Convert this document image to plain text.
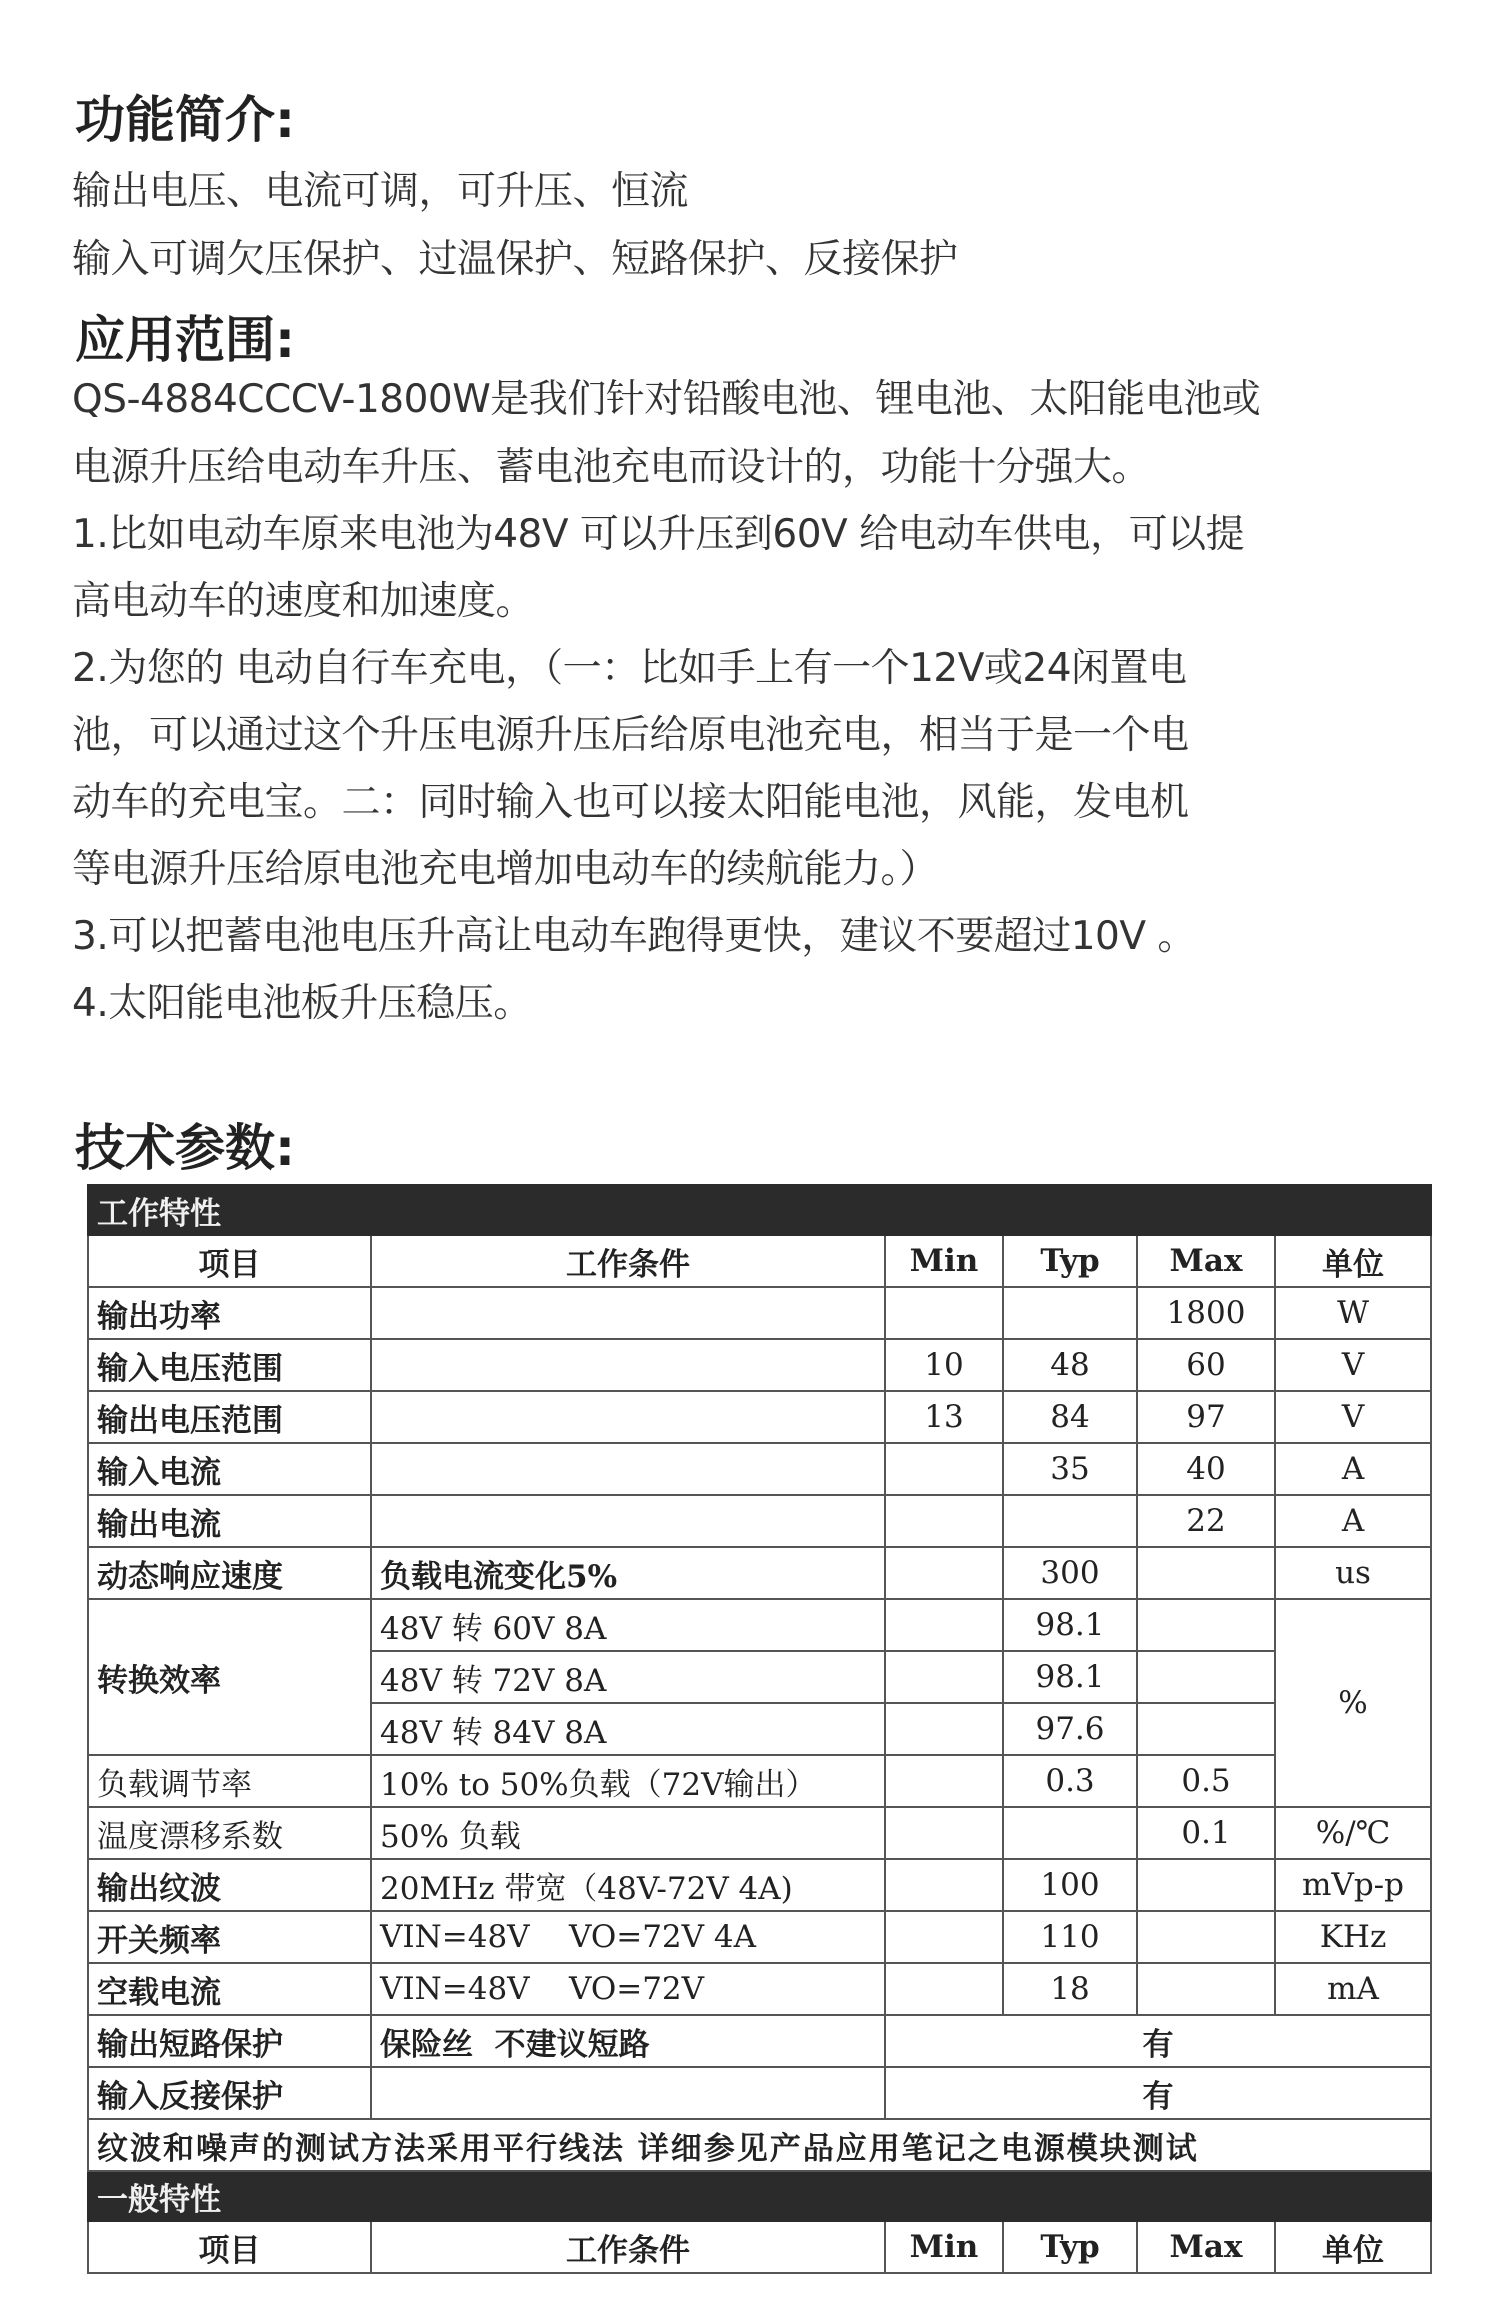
功能简介:
输出电压、电流可调，可升压、恒流
输入可调欠压保护、过温保护、短路保护、反接保护
应用范围:
QS-4884CCCV-1800W是我们针对铅酸电池、锂电池、太阳能电池或
电源升压给电动车升压、蓄电池充电而设计的，功能十分强大。
1.比如电动车原来电池为48V 可以升压到60V 给电动车供电，可以提
高电动车的速度和加速度。
2.为您的 电动自行车充电，（一：比如手上有一个12V或24闲置电
池，可以通过这个升压电源升压后给原电池充电，相当于是一个电
动车的充电宝。二：同时输入也可以接太阳能电池，风能，发电机
等电源升压给原电池充电增加电动车的续航能力。）
3.可以把蓄电池电压升高让电动车跑得更快，建议不要超过10V 。
4.太阳能电池板升压稳压。
技术参数:
工作特性					
项目	工作条件	Min	Typ	Max	单位
输出功率				1800	W
输入电压范围		10	48	60	V
输出电压范围		13	84	97	V
输入电流			35	40	A
输出电流				22	A
动态响应速度	负载电流变化5%		300		us
转换效率	48V 转 60V 8A		98.1		%
	48V 转 72V 8A		98.1		
	48V 转 84V 8A		97.6		
负载调节率	10% to 50%负载（72V输出）		0.3	0.5	
温度漂移系数	50% 负载			0.1	%/℃
输出纹波	20MHz 带宽（48V-72V 4A)		100		mVp-p
开关频率	VIN=48V    VO=72V 4A		110		KHz
空载电流	VIN=48V    VO=72V		18		mA
输出短路保护	保险丝  不建议短路	有			
输入反接保护		有			
纹波和噪声的测试方法采用平行线法 详细参见产品应用笔记之电源模块测试					
一般特性					
项目	工作条件	Min	Typ	Max	单位
